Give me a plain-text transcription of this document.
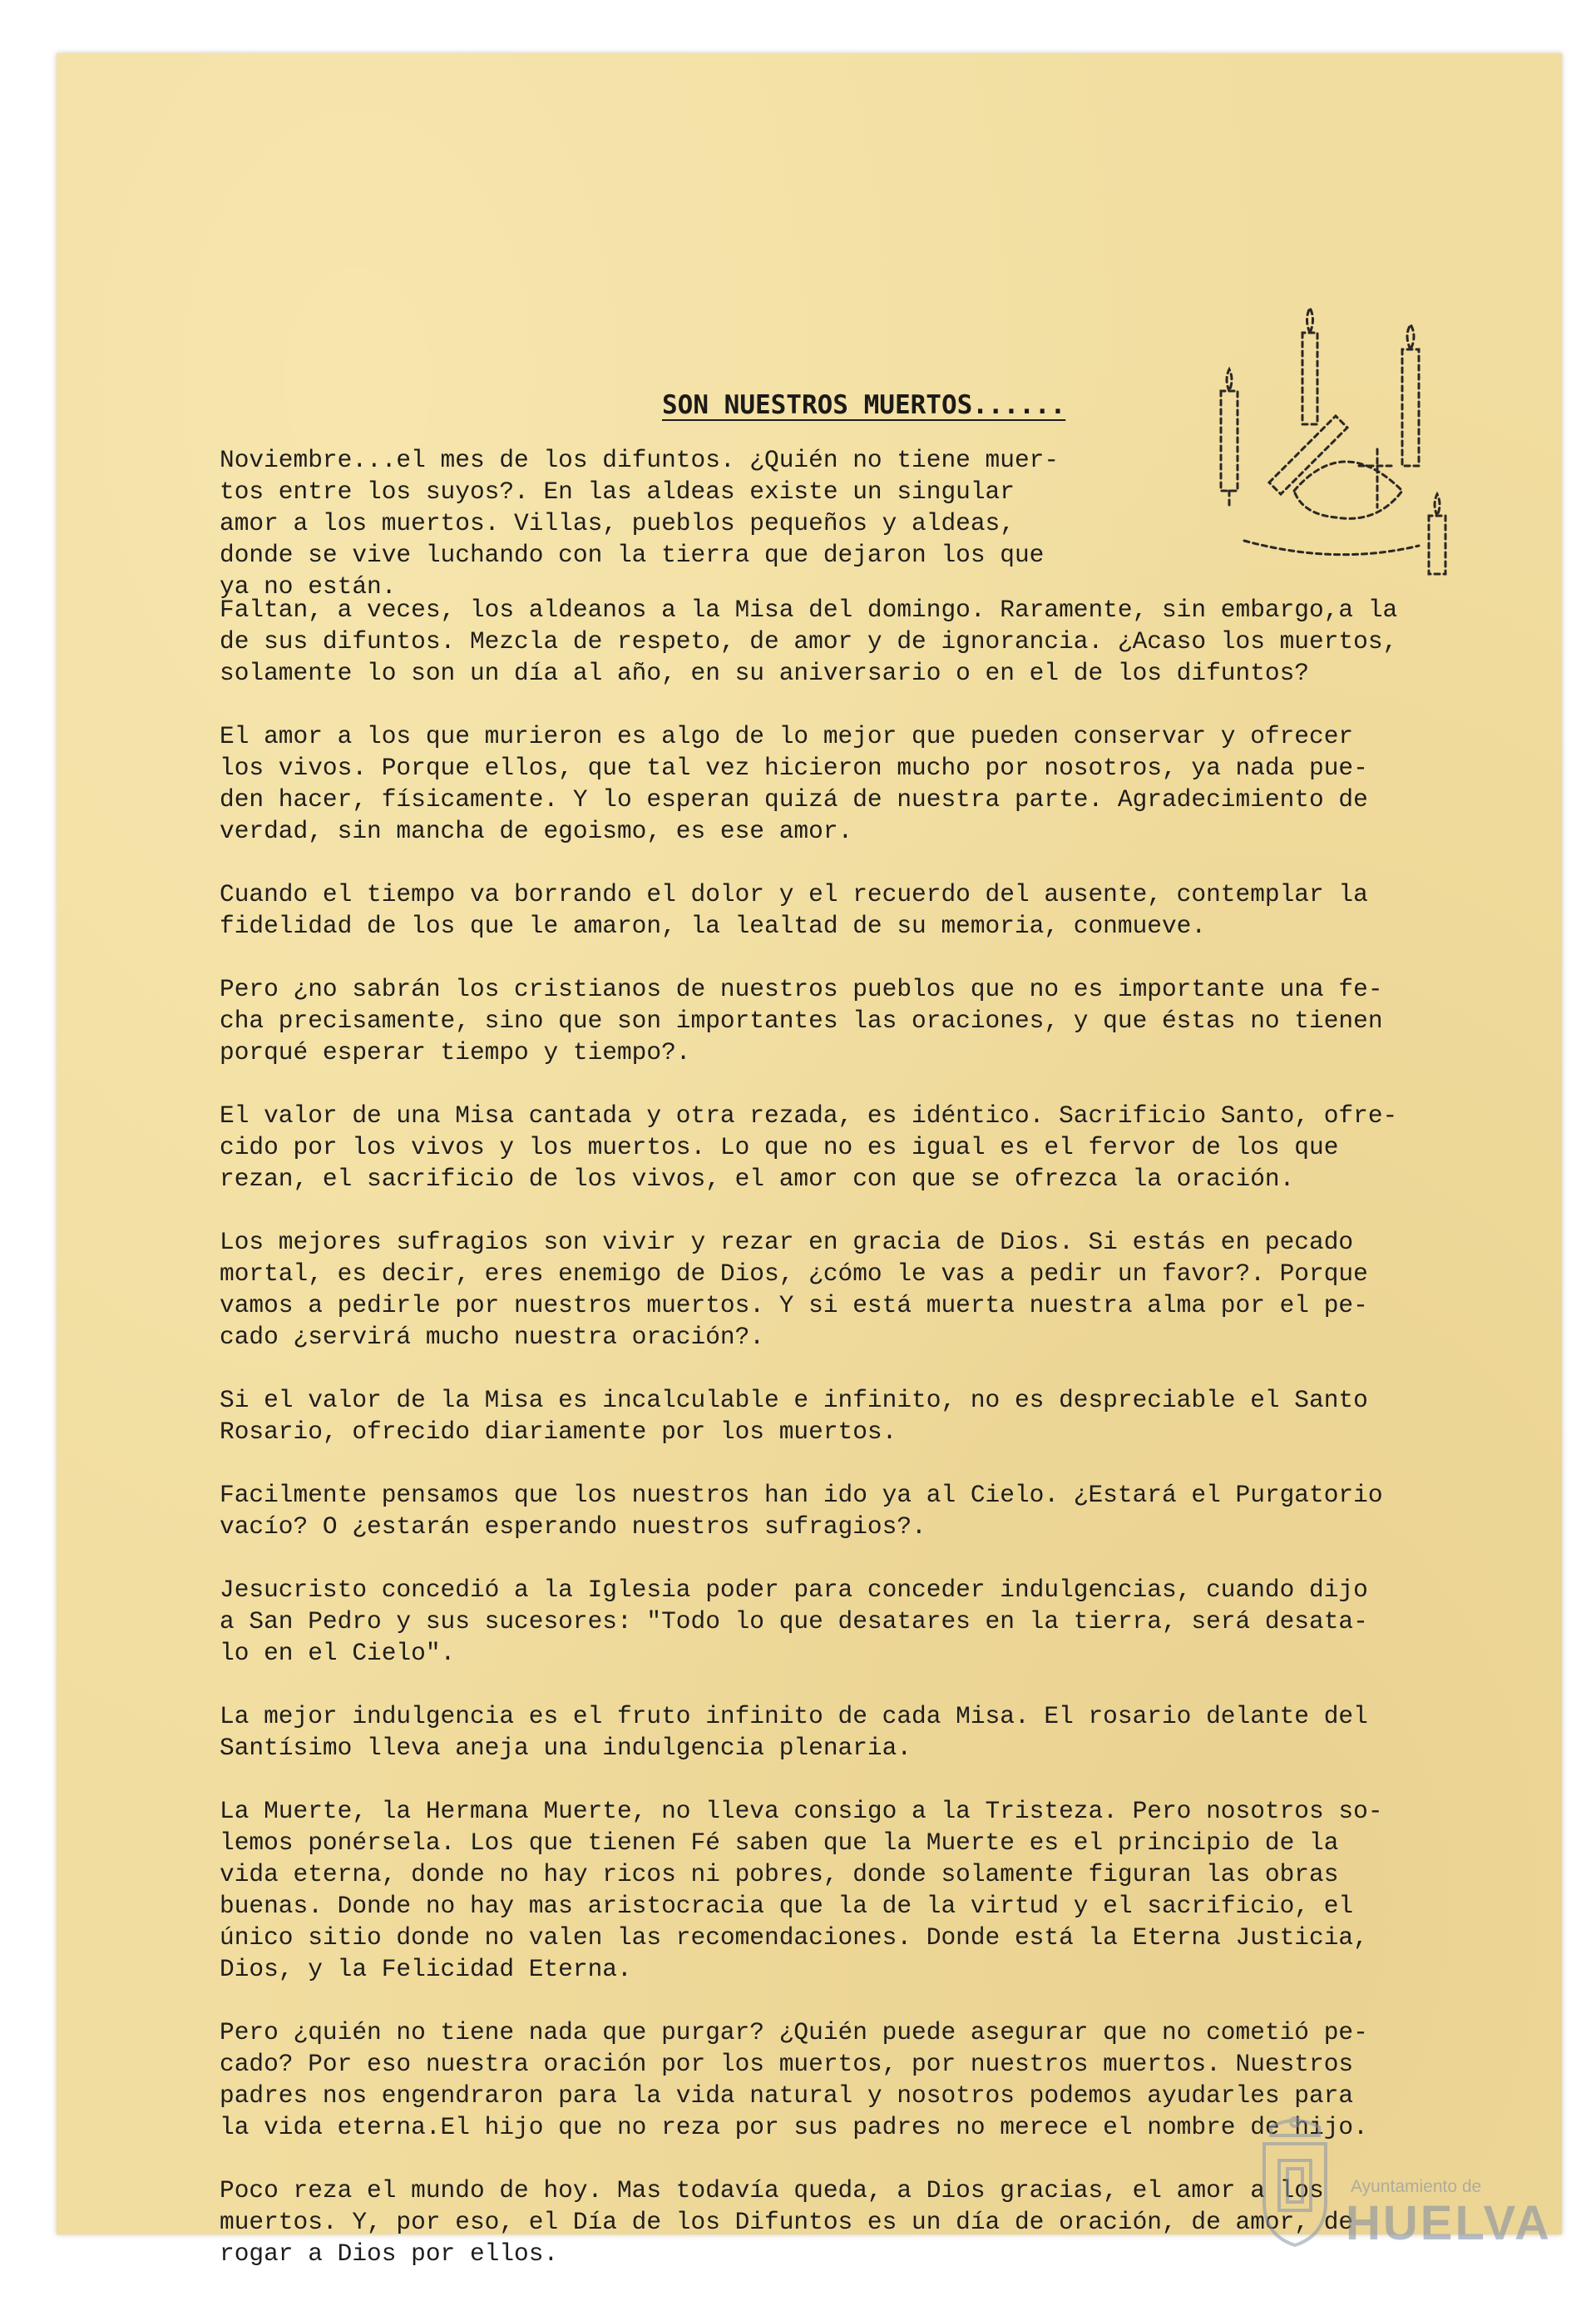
SON NUESTROS MUERTOS......

Noviembre...el mes de los difuntos. ¿Quién no tiene muer-
tos entre los suyos?. En las aldeas existe un singular
amor a los muertos. Villas, pueblos pequeños y aldeas,
donde se vive luchando con la tierra que dejaron los que
ya no están.

Faltan, a veces, los aldeanos a la Misa del domingo. Raramente, sin embargo,a la
de sus difuntos. Mezcla de respeto, de amor y de ignorancia. ¿Acaso los muertos,
solamente lo son un día al año, en su aniversario o en el de los difuntos?

El amor a los que murieron es algo de lo mejor que pueden conservar y ofrecer
los vivos. Porque ellos, que tal vez hicieron mucho por nosotros, ya nada pue-
den hacer, físicamente. Y lo esperan quizá de nuestra parte. Agradecimiento de
verdad, sin mancha de egoismo, es ese amor.

Cuando el tiempo va borrando el dolor y el recuerdo del ausente, contemplar la
fidelidad de los que le amaron, la lealtad de su memoria, conmueve.

Pero ¿no sabrán los cristianos de nuestros pueblos que no es importante una fe-
cha precisamente, sino que son importantes las oraciones, y que éstas no tienen
porqué esperar tiempo y tiempo?.

El valor de una Misa cantada y otra rezada, es idéntico. Sacrificio Santo, ofre-
cido por los vivos y los muertos. Lo que no es igual es el fervor de los que
rezan, el sacrificio de los vivos, el amor con que se ofrezca la oración.

Los mejores sufragios son vivir y rezar en gracia de Dios. Si estás en pecado
mortal, es decir, eres enemigo de Dios, ¿cómo le vas a pedir un favor?. Porque
vamos a pedirle por nuestros muertos. Y si está muerta nuestra alma por el pe-
cado ¿servirá mucho nuestra oración?.

Si el valor de la Misa es incalculable e infinito, no es despreciable el Santo
Rosario, ofrecido diariamente por los muertos.

Facilmente pensamos que los nuestros han ido ya al Cielo. ¿Estará el Purgatorio
vacío? O ¿estarán esperando nuestros sufragios?.

Jesucristo concedió a la Iglesia poder para conceder indulgencias, cuando dijo
a San Pedro y sus sucesores: "Todo lo que desatares en la tierra, será desata-
lo en el Cielo".

La mejor indulgencia es el fruto infinito de cada Misa. El rosario delante del
Santísimo lleva aneja una indulgencia plenaria.

La Muerte, la Hermana Muerte, no lleva consigo a la Tristeza. Pero nosotros so-
lemos ponérsela. Los que tienen Fé saben que la Muerte es el principio de la
vida eterna, donde no hay ricos ni pobres, donde solamente figuran las obras
buenas. Donde no hay mas aristocracia que la de la virtud y el sacrificio, el
único sitio donde no valen las recomendaciones. Donde está la Eterna Justicia,
Dios, y la Felicidad Eterna.

Pero ¿quién no tiene nada que purgar? ¿Quién puede asegurar que no cometió pe-
cado? Por eso nuestra oración por los muertos, por nuestros muertos. Nuestros
padres nos engendraron para la vida natural y nosotros podemos ayudarles para
la vida eterna.El hijo que no reza por sus padres no merece el nombre de hijo.

Poco reza el mundo de hoy. Mas todavía queda, a Dios gracias, el amor a los
muertos. Y, por eso, el Día de los Difuntos es un día de oración, de amor, de
rogar a Dios por ellos.

Ayuntamiento de
HUELVA
